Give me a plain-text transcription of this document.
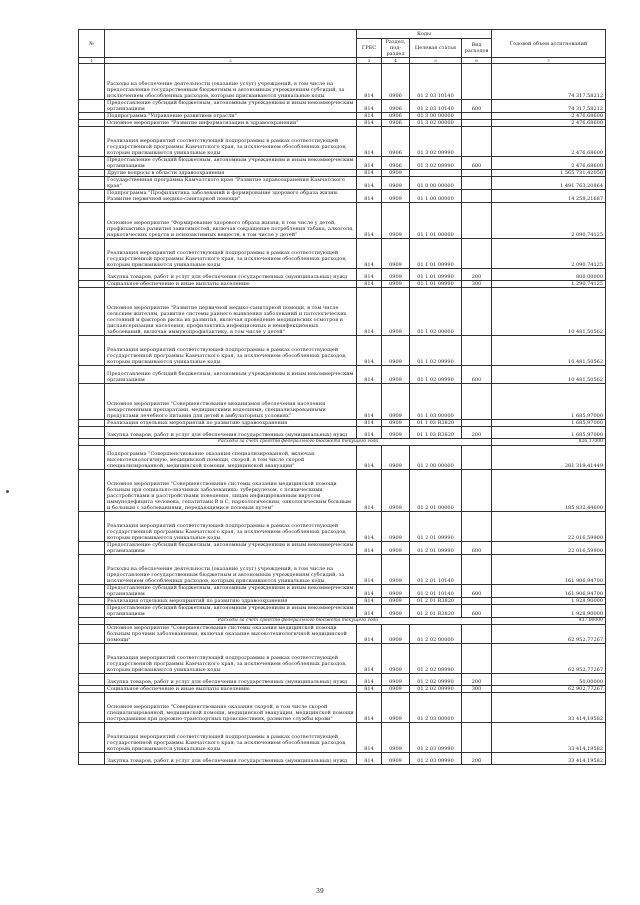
№		Коды				Годовой объем ассигнований
		ГРБС	Раздел, под- раздел	Целевая статья	Вид расходов	
1	2	3	4	5	6	7
	Расходы на обеспечение деятельности (оказание услуг) учреждений, в том числе на предоставление государственным бюджетным и автономным учреждениям субсидий, за исключением обособленных расходов, которым присваиваются уникальные коды	814	0906	01 2 03 10140		74 317,58212
	Предоставление субсидий бюджетным, автономным учреждениям и иным некоммерческим организациям	814	0906	01 2 03 10140	600	74 317,58212
	Подпрограмма "Управление развитием отрасли"	814	0906	01 3 00 00000		2 476,68600
	Основное мероприятие "Развитие информатизации в здравоохранении"	814	0906	01 3 02 00000		2 476,68600
	Реализация мероприятий соответствующей подпрограммы в рамках соответствующей государственной программы Камчатского края, за исключением обособленных расходов, которым присваиваются уникальные коды	814	0906	01 3 02 09990		2 476,68600
	Предоставление субсидий бюджетным, автономным учреждениям и иным некоммерческим организациям	814	0906	01 3 02 09990	600	2 476,68600
	Другие вопросы в области здравоохранения	814	0909			1 565 731,42050
	Государственная программа Камчатского края "Развитие здравоохранения Камчатского края"	814	0909	01 0 00 00000		1 491 763,20864
	Подпрограмма "Профилактика заболеваний и формирование здорового образа жизни. Развитие первичной медико-санитарной помощи"	814	0909	01 1 00 00000		14 258,21687
	Основное мероприятие "Формирование здорового образа жизни, в том числе у детей, профилактика развития зависимостей, включая сокращение потребления табака, алкоголя, наркотических средств и психоактивных веществ, в том числе у детей"	814	0909	01 1 01 00000		2 090,74125
	Реализация мероприятий соответствующей подпрограммы в рамках соответствующей государственной программы Камчатского края, за исключением обособленных расходов, которым присваиваются уникальные коды	814	0909	01 1 01 09990		2 090,74125
	Закупка товаров, работ и услуг для обеспечения государственных (муниципальных) нужд	814	0909	01 1 01 09990	200	800,00000
	Социальное обеспечение и иные выплаты населению	814	0909	01 1 01 09990	300	1 290,74125
	Основное мероприятие "Развитие первичной медико-санитарной помощи, в том числе сельским жителям, развитие системы раннего выявления заболеваний и патологических состояний и факторов риска их развития, включая проведение медицинских осмотров и диспансеризации населения, профилактика инфекционных и неинфекционных заболеваний, включая иммунопрофилактику, в том числе у детей"	814	0909	01 1 02 00000		10 481,50562
	Реализация мероприятий соответствующей подпрограммы в рамках соответствующей государственной программы Камчатского края, за исключением обособленных расходов, которым присваиваются уникальные коды	814	0909	01 1 02 09990		10 481,50562
	Предоставление субсидий бюджетным, автономным учреждениям и иным некоммерческим организациям	814	0909	01 1 02 09990	600	10 481,50562
	Основное мероприятие "Совершенствование механизмов обеспечения населения лекарственными препаратами, медицинскими изделиями, специализированными продуктами лечебного питания для детей в амбулаторных условиях"	814	0909	01 1 03 00000		1 685,97000
	Реализация отдельных мероприятий по развитию здравоохранения	814	0909	01 1 03 R3820		1 685,97000
	Закупка товаров, работ и услуг для обеспечения государственных (муниципальных) нужд	814	0909	01 1 03 R3820	200	1 685,97000
	Расходы за счет средств федерального бюджета текущего года					826,17000
	Подпрограмма "Совершенствование оказания специализированной, включая высокотехнологичную, медицинской помощи, скорой, в том числе скорой специализированной, медицинской помощи, медицинской эвакуации"	814	0909	01 2 00 00000		281 319,41449
	Основное мероприятие "Совершенствование системы оказания медицинской помощи больным при социально-значимых заболеваниях: туберкулезом, с психическими расстройствами и расстройствами поведения, лицам инфицированным вирусом иммунодефицита человека, гепатитами В и С, наркологическим, онкологическим больным и больным с заболеваниями, передающимися половым путем"	814	0909	01 2 01 00000		185 832,44600
	Реализация мероприятий соответствующей подпрограммы в рамках соответствующей государственной программы Камчатского края, за исключением обособленных расходов, которым присваиваются уникальные коды	814	0909	01 2 01 09990		22 016,59900
	Предоставление субсидий бюджетным, автономным учреждениям и иным некоммерческим организациям	814	0909	01 2 01 09990	600	22 016,59900
	Расходы на обеспечение деятельности (оказание услуг) учреждений, в том числе на предоставление государственным бюджетным и автономным учреждениям субсидий, за исключением обособленных расходов, которым присваиваются уникальные коды	814	0909	01 2 01 10140		161 906,94700
	Предоставление субсидий бюджетным, автономным учреждениям и иным некоммерческим организациям	814	0909	01 2 01 10140	600	161 906,94700
	Реализация отдельных мероприятий по развитию здравоохранения	814	0909	01 2 01 R3820		1 928,90000
	Предоставление субсидий бюджетным, автономным учреждениям и иным некоммерческим организациям	814	0909	01 2 01 R3820	600	1 928,90000
	Расходы за счет средств федерального бюджета текущего года					937,00000
	Основное мероприятие "Совершенствование системы оказания медицинской помощи больным прочими заболеваниями, включая оказание высокотехнологичной медицинской помощи"	814	0909	01 2 02 00000		62 952,77267
	Реализация мероприятий соответствующей подпрограммы в рамках соответствующей государственной программы Камчатского края, за исключением обособленных расходов, которым присваиваются уникальные коды	814	0909	01 2 02 09990		62 952,77267
	Закупка товаров, работ и услуг для обеспечения государственных (муниципальных) нужд	814	0909	01 2 02 09990	200	50,00000
	Социальное обеспечение и иные выплаты населению	814	0909	01 2 02 09990	300	62 902,77267
	Основное мероприятие "Совершенствование оказания скорой, в том числе скорой специализированной, медицинской помощи, медицинской эвакуации, медицинской помощи пострадавшим при дорожно-транспортных происшествиях, развитие службы крови"	814	0909	01 2 03 00000		33 414,19582
	Реализация мероприятий соответствующей подпрограммы в рамках соответствующей государственной программы Камчатского края, за исключением обособленных расходов, которым присваиваются уникальные коды	814	0909	01 2 03 09990		33 414,19582
	Закупка товаров, работ и услуг для обеспечения государственных (муниципальных) нужд	814	0909	01 2 03 09990	200	33 414,19582
39
